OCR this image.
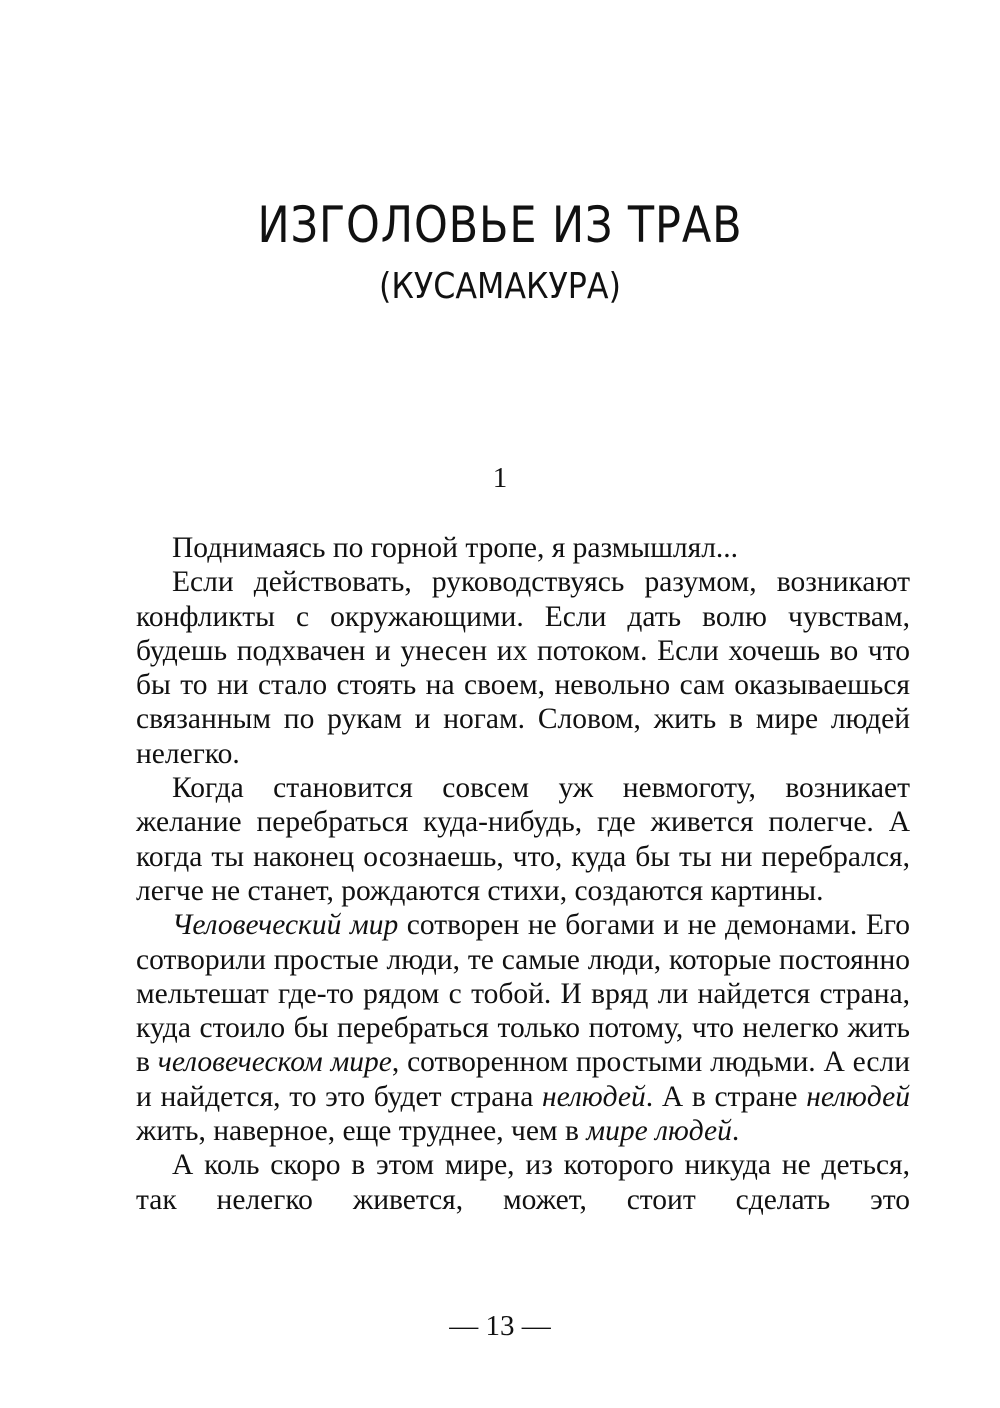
ИЗГОЛОВЬЕ ИЗ ТРАВ
(КУСАМАКУРА)
1

Поднимаясь по горной тропе, я размышлял...

Если действовать, руководствуясь разумом, возникают конфликты с окружающими. Если дать волю чувствам, будешь подхвачен и унесен их потоком. Если хочешь во что бы то ни стало стоять на своем, невольно сам оказываешься связанным по рукам и ногам. Словом, жить в мире людей нелегко.

Когда становится совсем уж невмоготу, возникает желание перебраться куда-нибудь, где живется полегче. А когда ты наконец осознаешь, что, куда бы ты ни перебрался, легче не станет, рождаются стихи, создаются картины.

Человеческий мир сотворен не богами и не демонами. Его сотворили простые люди, те самые люди, которые постоянно мельтешат где-то рядом с тобой. И вряд ли найдется страна, куда стоило бы перебраться только потому, что нелегко жить в человеческом мире, сотворенном простыми людьми. А если и найдется, то это будет страна нелюдей. А в стране нелюдей жить, наверное, еще труднее, чем в мире людей.

А коль скоро в этом мире, из которого никуда не деться, так нелегко живется, может, стоит сделать это

— 13 —
